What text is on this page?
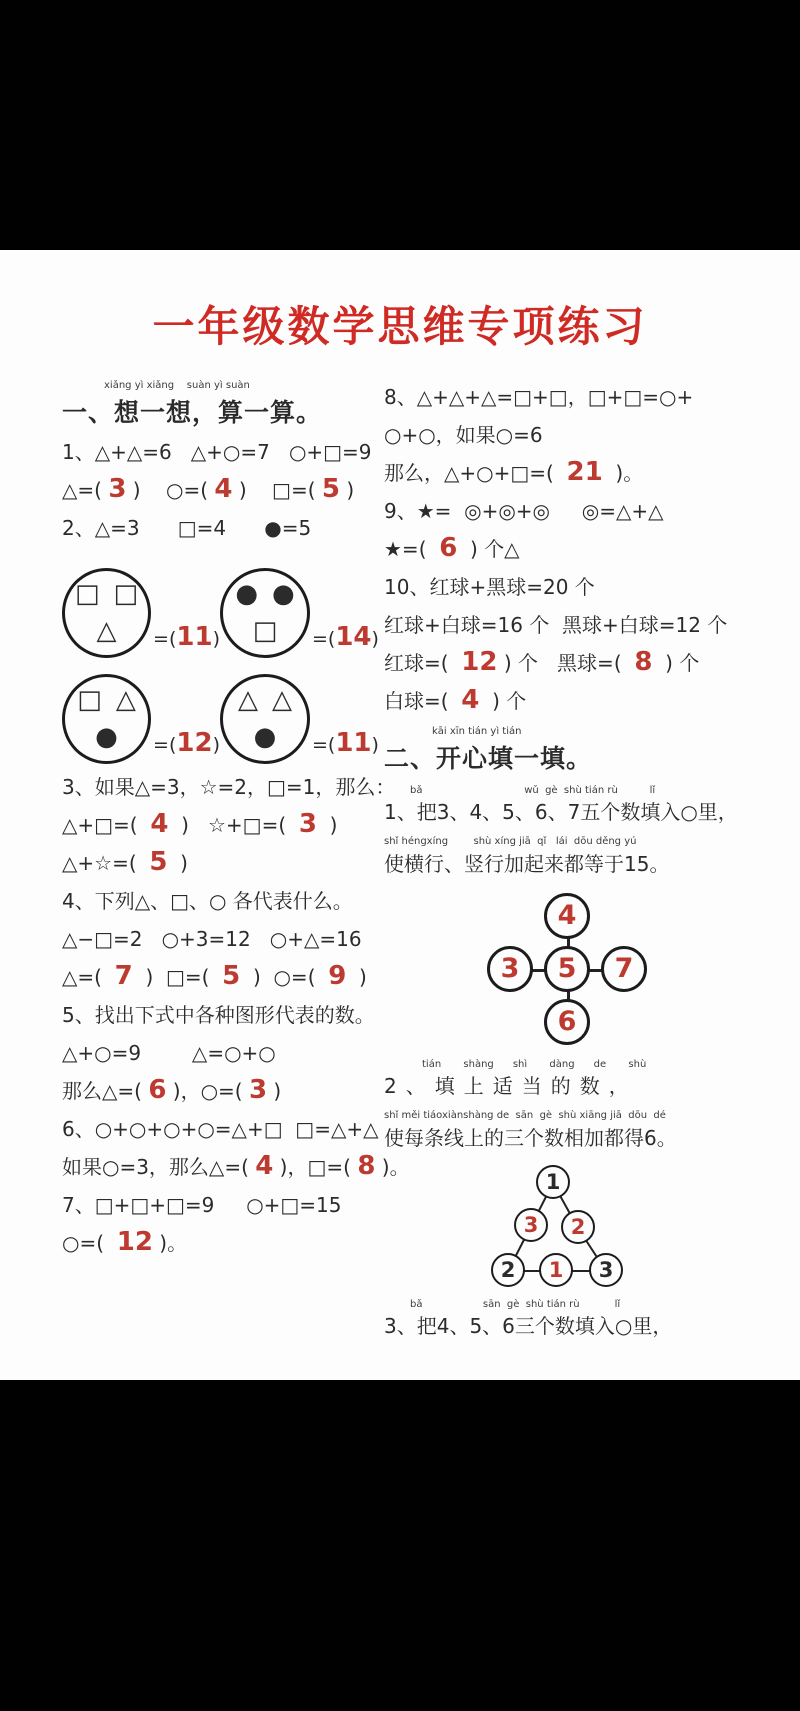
一年级数学思维专项练习
xiǎng yì xiǎng    suàn yì suàn
一、想一想，算一算。
1、△+△=6   △+○=7   ○+□=9
△=( 3 )    ○=( 4 )    □=( 5 )
2、△=3      □=4      ●=5
□ □
△ =(11)
● ●
□ =(14)
□ △
● =(12)
△ △
● =(11)
3、如果△=3，☆=2，□=1，那么：
△+□=(  4  )   ☆+□=(  3  )
△+☆=(  5  )
4、下列△、□、○ 各代表什么。
△−□=2   ○+3=12   ○+△=16
△=(  7  )  □=(  5  )  ○=(  9  )
5、找出下式中各种图形代表的数。
△+○=9        △=○+○
那么△=( 6 )，○=( 3 )
6、○+○+○+○=△+□  □=△+△
如果○=3，那么△=( 4 )，□=( 8 )。
7、□+□+□=9     ○+□=15
○=(  12 )。
8、△+△+△=□+□，□+□=○+
○+○，如果○=6
那么，△+○+□=(  21  )。
9、★=  ◎+◎+◎     ◎=△+△
★=(  6  ) 个△
10、红球+黑球=20 个
红球+白球=16 个  黑球+白球=12 个
红球=(  12 ) 个   黑球=(  8  ) 个
白球=(  4  ) 个
kāi xīn tián yì tián
二、开心填一填。
bǎ                                wǔ  gè  shù tián rù          lǐ
1、把3、4、5、6、7五个数填入○里，
shǐ héngxíng        shù xíng jiā  qǐ   lái  dōu děng yú
使横行、竖行加起来都等于15。
4
3	5	7
6
tián       shàng      shì       dàng      de       shù
2、填上适当的数，
shǐ měi tiáoxiànshàng de  sān  gè  shù xiāng jiā  dōu  dé
使每条线上的三个数相加都得6。
1
3	2
2	1	3
bǎ                   sān  gè  shù tián rù           lǐ
3、把4、5、6三个数填入○里，
